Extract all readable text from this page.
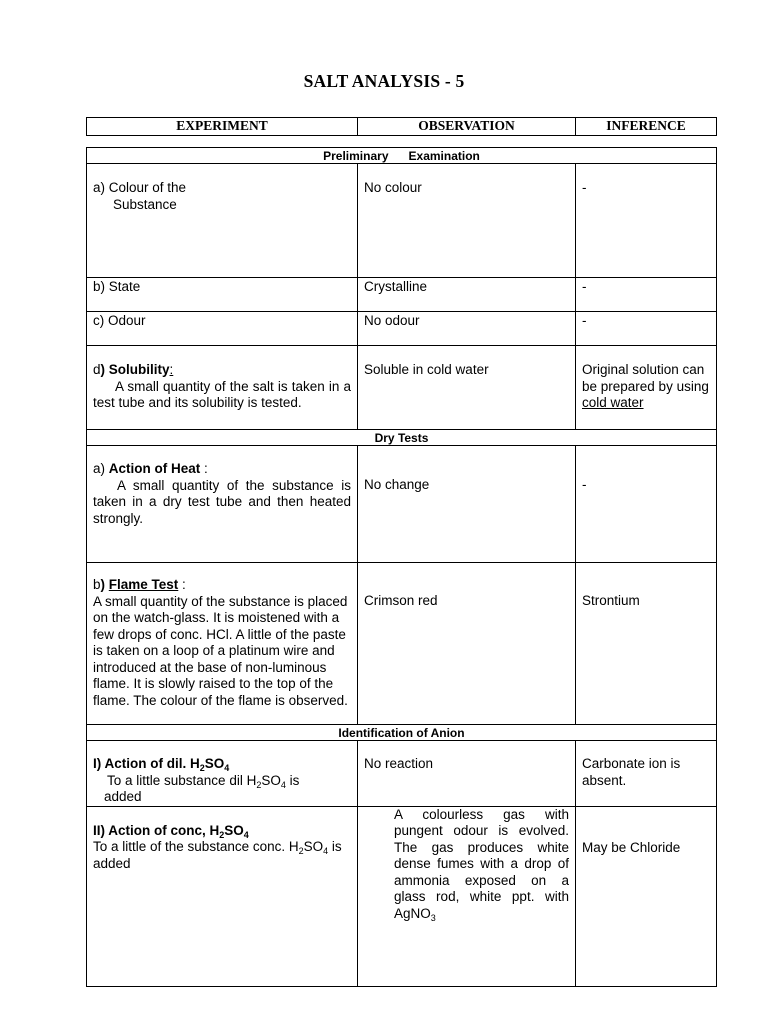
SALT ANALYSIS - 5
EXPERIMENT	OBSERVATION	INFERENCE
Preliminary Examination		

a) Colour of the
Substance	No colour	-
b) State	Crystalline	-
c) Odour	No odour	-

d) Solubility:
A small quantity of the salt is taken in a test tube and its solubility is tested.	Soluble in cold water	Original solution can be prepared by using cold water
Dry Tests		

a) Action of Heat :
A small quantity of the substance is taken in a dry test tube and then heated strongly.	No change	-

b) Flame Test :
A small quantity of the substance is placed on the watch-glass. It is moistened with a few drops of conc. HCl. A little of the paste is taken on a loop of a platinum wire and introduced at the base of non-luminous flame. It is slowly raised to the top of the flame. The colour of the flame is observed.	Crimson red	Strontium
Identification of Anion		

I) Action of dil. $H_2SO_4$
To a little substance dil $H_2SO_4$ is
added	No reaction	Carbonate ion is absent.

II) Action of conc, $H_2SO_4$
To a little of the substance conc. $H_2SO_4$ is added	A colourless gas with pungent odour is evolved. The gas produces white dense fumes with a drop of ammonia exposed on a glass rod, white ppt. with AgNO$_3$	May be Chloride
